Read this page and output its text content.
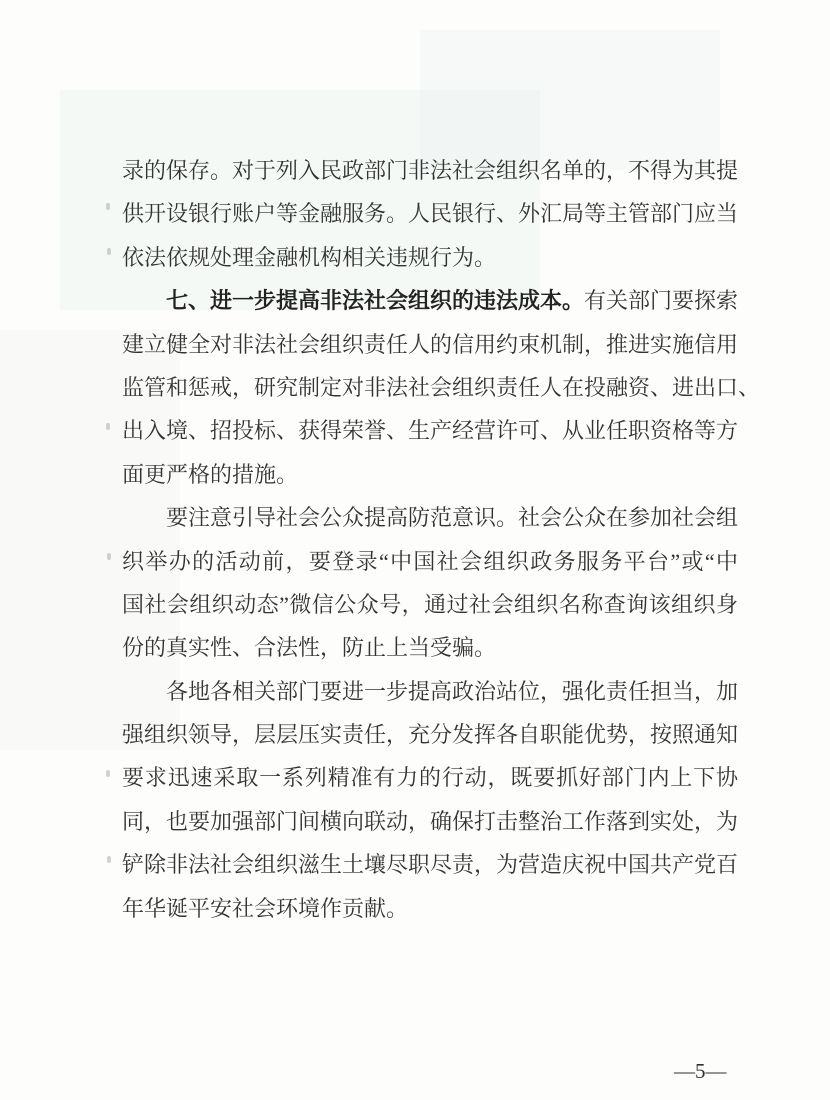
录的保存。对于列入民政部门非法社会组织名单的，不得为其提
供开设银行账户等金融服务。人民银行、外汇局等主管部门应当
依法依规处理金融机构相关违规行为。
七、进一步提高非法社会组织的违法成本。有关部门要探索
建立健全对非法社会组织责任人的信用约束机制，推进实施信用
监管和惩戒，研究制定对非法社会组织责任人在投融资、进出口、
出入境、招投标、获得荣誉、生产经营许可、从业任职资格等方
面更严格的措施。
要注意引导社会公众提高防范意识。社会公众在参加社会组
织举办的活动前，要登录“中国社会组织政务服务平台”或“中
国社会组织动态”微信公众号，通过社会组织名称查询该组织身
份的真实性、合法性，防止上当受骗。
各地各相关部门要进一步提高政治站位，强化责任担当，加
强组织领导，层层压实责任，充分发挥各自职能优势，按照通知
要求迅速采取一系列精准有力的行动，既要抓好部门内上下协
同，也要加强部门间横向联动，确保打击整治工作落到实处，为
铲除非法社会组织滋生土壤尽职尽责，为营造庆祝中国共产党百
年华诞平安社会环境作贡献。
—5—
